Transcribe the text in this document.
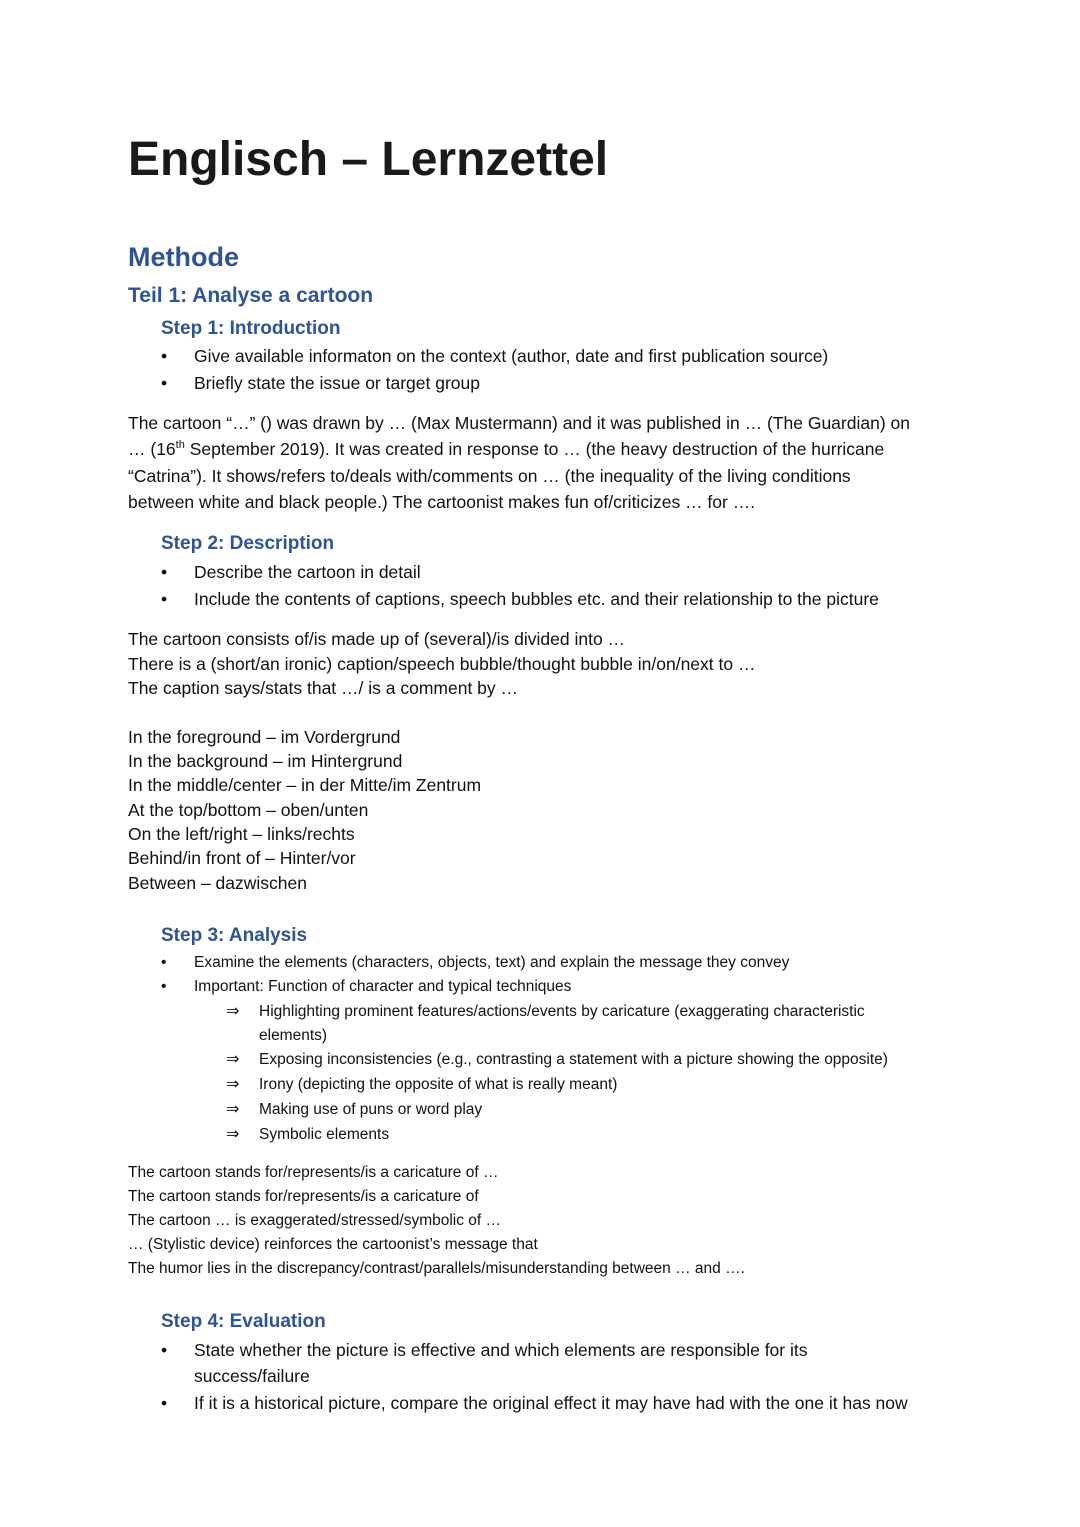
Englisch – Lernzettel
Methode
Teil 1: Analyse a cartoon
Step 1: Introduction
• Give available informaton on the context (author, date and first publication source)

• Briefly state the issue or target group

The cartoon “…” () was drawn by … (Max Mustermann) and it was published in … (The Guardian) on

… (16th September 2019). It was created in response to … (the heavy destruction of the hurricane

“Catrina”). It shows/refers to/deals with/comments on … (the inequality of the living conditions

between white and black people.) The cartoonist makes fun of/criticizes … for ….

Step 2: Description
• Describe the cartoon in detail

• Include the contents of captions, speech bubbles etc. and their relationship to the picture

The cartoon consists of/is made up of (several)/is divided into …

There is a (short/an ironic) caption/speech bubble/thought bubble in/on/next to …

The caption says/stats that …/ is a comment by …

In the foreground – im Vordergrund

In the background – im Hintergrund

In the middle/center – in der Mitte/im Zentrum

At the top/bottom – oben/unten

On the left/right – links/rechts

Behind/in front of – Hinter/vor

Between – dazwischen

Step 3: Analysis
• Examine the elements (characters, objects, text) and explain the message they convey

• Important: Function of character and typical techniques

⇒ Highlighting prominent features/actions/events by caricature (exaggerating characteristic

elements)

⇒ Exposing inconsistencies (e.g., contrasting a statement with a picture showing the opposite)

⇒ Irony (depicting the opposite of what is really meant)

⇒ Making use of puns or word play

⇒ Symbolic elements

The cartoon stands for/represents/is a caricature of …

The cartoon stands for/represents/is a caricature of

The cartoon … is exaggerated/stressed/symbolic of …

… (Stylistic device) reinforces the cartoonist’s message that

The humor lies in the discrepancy/contrast/parallels/misunderstanding between … and ….

Step 4: Evaluation
• State whether the picture is effective and which elements are responsible for its

success/failure

• If it is a historical picture, compare the original effect it may have had with the one it has now
